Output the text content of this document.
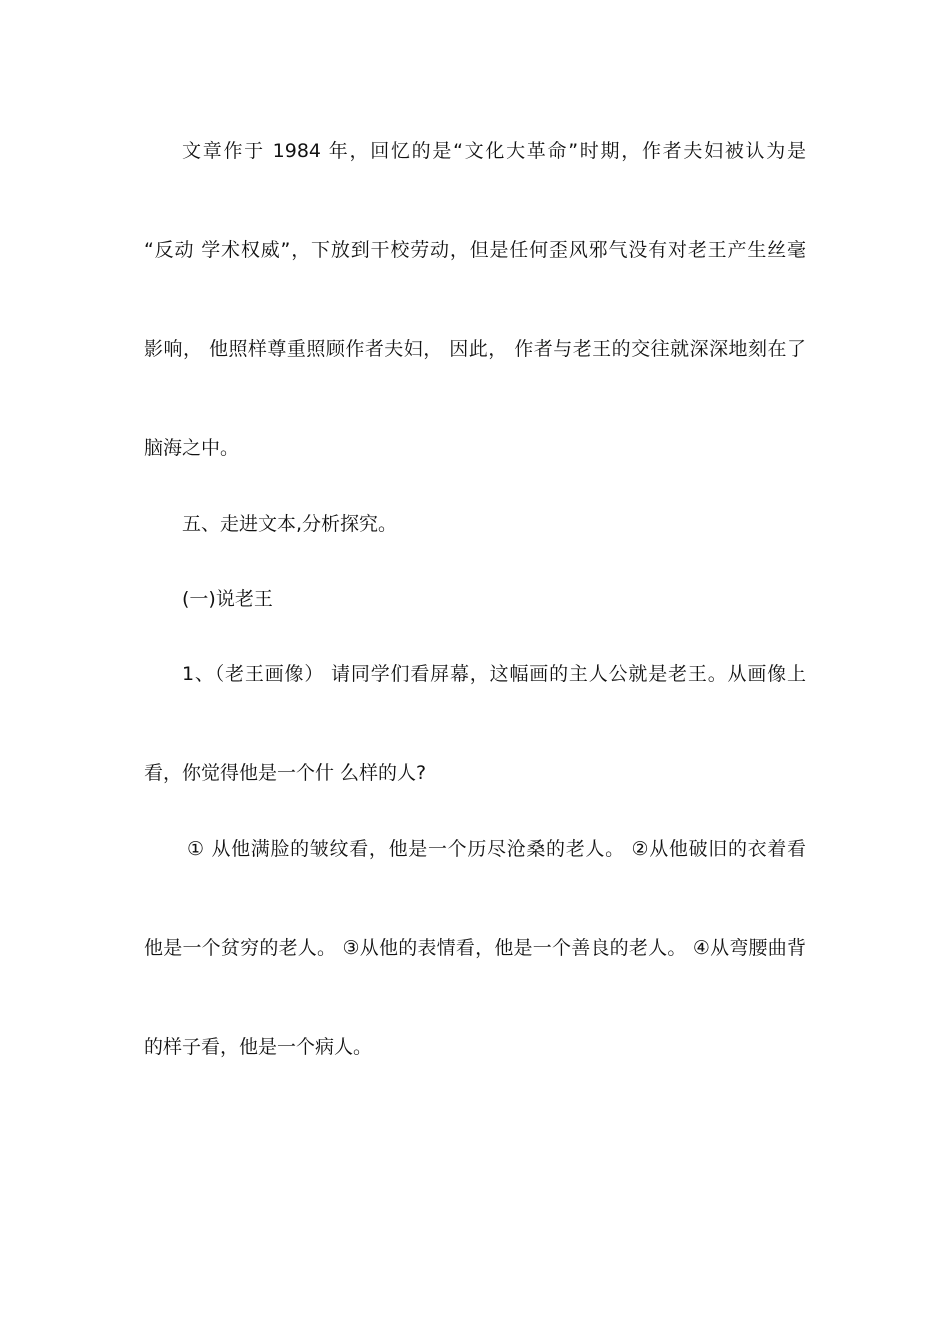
文章作于 1984 年，回忆的是“文化大革命”时期，作者夫妇被认为是
“反动 学术权威”，下放到干校劳动，但是任何歪风邪气没有对老王产生丝毫
影响， 他照样尊重照顾作者夫妇， 因此， 作者与老王的交往就深深地刻在了
脑海之中。
五、走进文本,分析探究。
(一)说老王
1、（老王画像） 请同学们看屏幕，这幅画的主人公就是老王。从画像上
看，你觉得他是一个什 么样的人?
① 从他满脸的皱纹看，他是一个历尽沧桑的老人。 ②从他破旧的衣着看
他是一个贫穷的老人。 ③从他的表情看，他是一个善良的老人。 ④从弯腰曲背
的样子看，他是一个病人。
